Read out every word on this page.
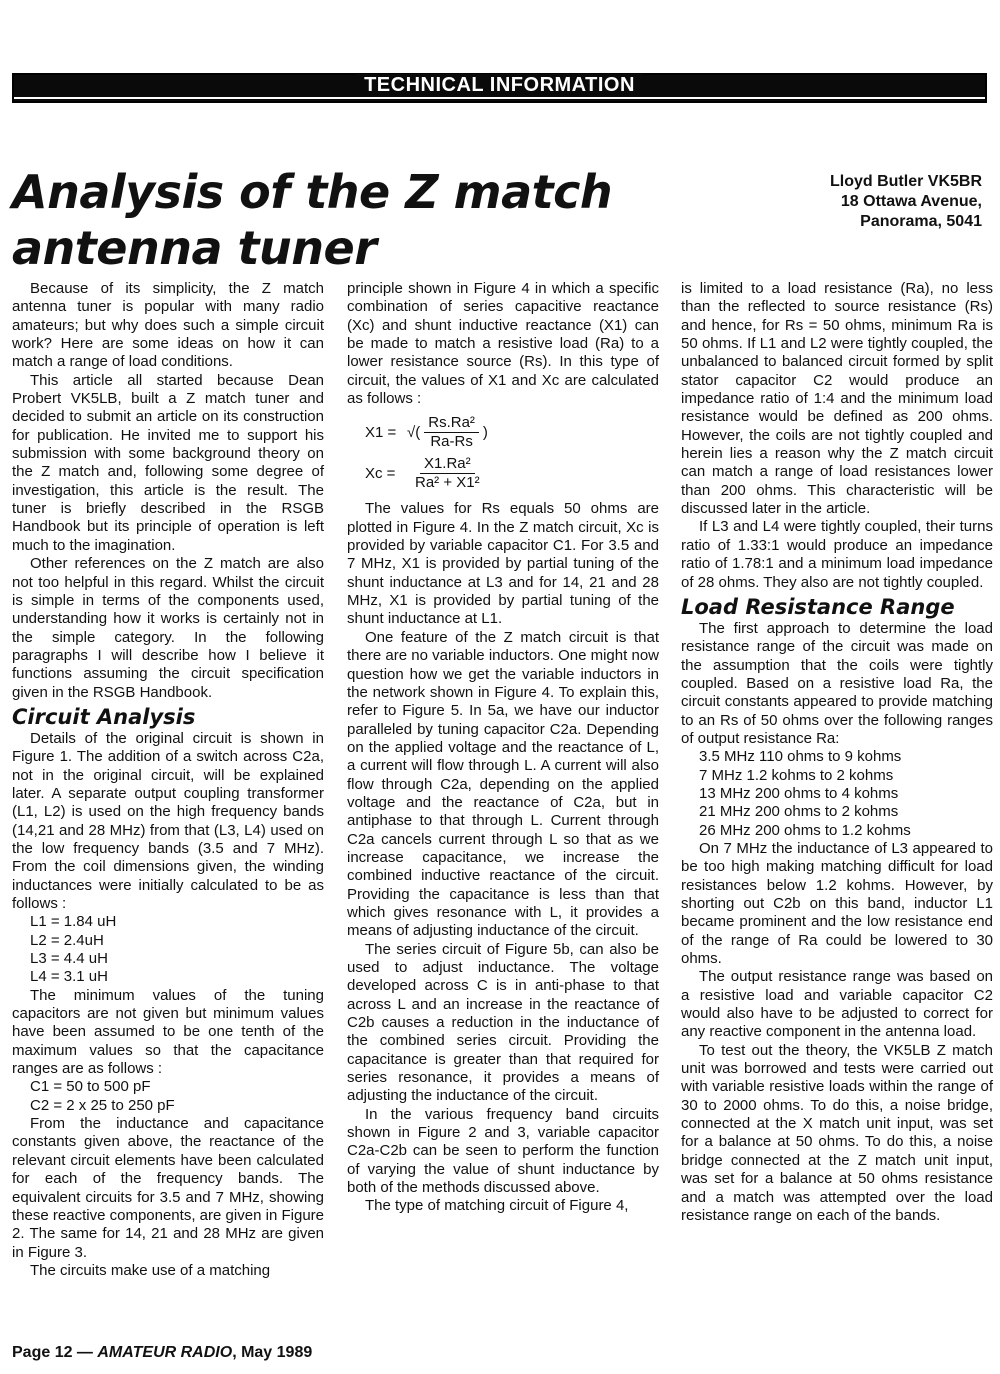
TECHNICAL INFORMATION
Analysis of the Z match
antenna tuner
Lloyd Butler VK5BR
18 Ottawa Avenue,
Panorama, 5041

Because of its simplicity, the Z match antenna tuner is popular with many radio amateurs; but why does such a simple circuit work? Here are some ideas on how it can match a range of load conditions.

This article all started because Dean Probert VK5LB, built a Z match tuner and decided to submit an article on its construction for publication. He invited me to support his submission with some background theory on the Z match and, following some degree of investigation, this article is the result. The tuner is briefly described in the RSGB Handbook but its principle of operation is left much to the imagination.

Other references on the Z match are also not too helpful in this regard. Whilst the circuit is simple in terms of the components used, understanding how it works is certainly not in the simple category. In the following paragraphs I will describe how I believe it functions assuming the circuit specification given in the RSGB Handbook.

Circuit Analysis

Details of the original circuit is shown in Figure 1. The addition of a switch across C2a, not in the original circuit, will be explained later. A separate output coupling transformer (L1, L2) is used on the high frequency bands (14,21 and 28 MHz) from that (L3, L4) used on the low frequency bands (3.5 and 7 MHz). From the coil dimensions given, the winding inductances were initially calculated to be as follows :

L1 = 1.84 uH
L2 = 2.4uH
L3 = 4.4 uH
L4 = 3.1 uH

The minimum values of the tuning capacitors are not given but minimum values have been assumed to be one tenth of the maximum values so that the capacitance ranges are as follows :

C1 = 50 to 500 pF
C2 = 2 x 25 to 250 pF

From the inductance and capacitance constants given above, the reactance of the relevant circuit elements have been calculated for each of the frequency bands. The equivalent circuits for 3.5 and 7 MHz, showing these reactive components, are given in Figure 2. The same for 14, 21 and 28 MHz are given in Figure 3.

The circuits make use of a matching

principle shown in Figure 4 in which a specific combination of series capacitive reactance (Xc) and shunt inductive reactance (X1) can be made to match a resistive load (Ra) to a lower resistance source (Rs). In this type of circuit, the values of X1 and Xc are calculated as follows :

X1 = √( $\frac{\text{Rs.Ra²}}{Ra-Rs}$ )
Xc =	$\frac{\text{X1.Ra²}}{\text{Ra² + X1²}}$

The values for Rs equals 50 ohms are plotted in Figure 4. In the Z match circuit, Xc is provided by variable capacitor C1. For 3.5 and 7 MHz, X1 is provided by partial tuning of the shunt inductance at L3 and for 14, 21 and 28 MHz, X1 is provided by partial tuning of the shunt inductance at L1.

One feature of the Z match circuit is that there are no variable inductors. One might now question how we get the variable inductors in the network shown in Figure 4. To explain this, refer to Figure 5. In 5a, we have our inductor paralleled by tuning capacitor C2a. Depending on the applied voltage and the reactance of L, a current will flow through L. A current will also flow through C2a, depending on the applied voltage and the reactance of C2a, but in antiphase to that through L. Current through C2a cancels current through L so that as we increase capacitance, we increase the combined inductive reactance of the circuit. Providing the capacitance is less than that which gives resonance with L, it provides a means of adjusting inductance of the circuit.

The series circuit of Figure 5b, can also be used to adjust inductance. The voltage developed across C is in anti-phase to that across L and an increase in the reactance of C2b causes a reduction in the inductance of the combined series circuit. Providing the capacitance is greater than that required for series resonance, it provides a means of adjusting the inductance of the circuit.

In the various frequency band circuits shown in Figure 2 and 3, variable capacitor C2a-C2b can be seen to perform the function of varying the value of shunt inductance by both of the methods discussed above.

The type of matching circuit of Figure 4,

is limited to a load resistance (Ra), no less than the reflected to source resistance (Rs) and hence, for Rs = 50 ohms, minimum Ra is 50 ohms. If L1 and L2 were tightly coupled, the unbalanced to balanced circuit formed by split stator capacitor C2 would produce an impedance ratio of 1:4 and the minimum load resistance would be defined as 200 ohms. However, the coils are not tightly coupled and herein lies a reason why the Z match circuit can match a range of load resistances lower than 200 ohms. This characteristic will be discussed later in the article.

If L3 and L4 were tightly coupled, their turns ratio of 1.33:1 would produce an impedance ratio of 1.78:1 and a minimum load impedance of 28 ohms. They also are not tightly coupled.

Load Resistance Range

The first approach to determine the load resistance range of the circuit was made on the assumption that the coils were tightly coupled. Based on a resistive load Ra, the circuit constants appeared to provide matching to an Rs of 50 ohms over the following ranges of output resistance Ra:

3.5 MHz 110 ohms to 9 kohms
7 MHz 1.2 kohms to 2 kohms
13 MHz 200 ohms to 4 kohms
21 MHz 200 ohms to 2 kohms
26 MHz 200 ohms to 1.2 kohms

On 7 MHz the inductance of L3 appeared to be too high making matching difficult for load resistances below 1.2 kohms. However, by shorting out C2b on this band, inductor L1 became prominent and the low resistance end of the range of Ra could be lowered to 30 ohms.

The output resistance range was based on a resistive load and variable capacitor C2 would also have to be adjusted to correct for any reactive component in the antenna load.

To test out the theory, the VK5LB Z match unit was borrowed and tests were carried out with variable resistive loads within the range of 30 to 2000 ohms. To do this, a noise bridge, connected at the X match unit input, was set for a balance at 50 ohms. To do this, a noise bridge connected at the Z match unit input, was set for a balance at 50 ohms resistance and a match was attempted over the load resistance range on each of the bands.

Page 12 — AMATEUR RADIO, May 1989
